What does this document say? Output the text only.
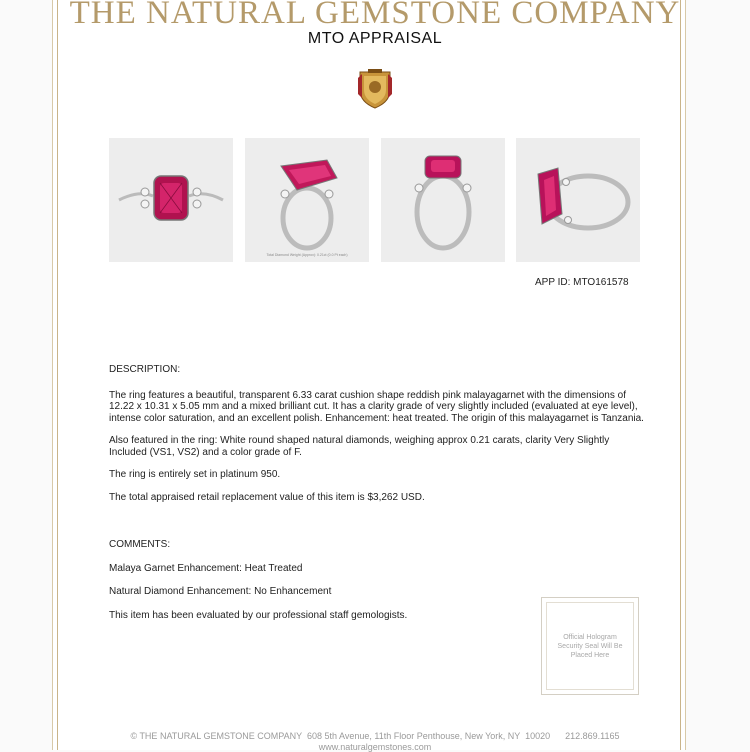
THE NATURAL GEMSTONE COMPANY
MTO APPRAISAL
Total Diamond Weight (Approx): 0.21ct (0.0 Pt each)
APP ID: MTO161578

DESCRIPTION:

The ring features a beautiful, transparent 6.33 carat cushion shape reddish pink malayagarnet with the dimensions of 12.22 x 10.31 x 5.05 mm and a mixed brilliant cut. It has a clarity grade of very slightly included (evaluated at eye level), intense color saturation, and an excellent polish. Enhancement: heat treated. The origin of this malayagarnet is Tanzania.

Also featured in the ring: White round shaped natural diamonds, weighing approx 0.21 carats, clarity Very Slightly Included (VS1, VS2) and a color grade of F.

The ring is entirely set in platinum 950.

The total appraised retail replacement value of this item is $3,262 USD.

COMMENTS:

Malaya Garnet Enhancement: Heat Treated

Natural Diamond Enhancement: No Enhancement

This item has been evaluated by our professional staff gemologists.

Official Hologram Security Seal Will Be Placed Here
© THE NATURAL GEMSTONE COMPANY  608 5th Avenue, 11th Floor Penthouse, New York, NY  10020      212.869.1165
www.naturalgemstones.com
